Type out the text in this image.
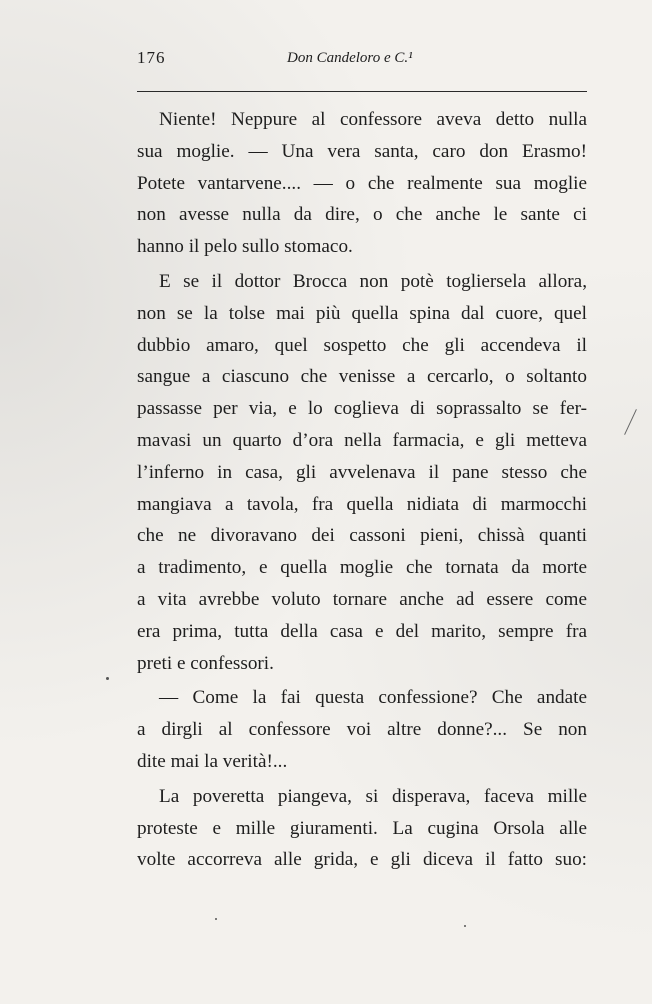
176	Don Candeloro e C.¹
Niente! Neppure al confessore aveva detto nulla
sua moglie. — Una vera santa, caro don Erasmo!
Potete vantarvene.... — o che realmente sua moglie
non avesse nulla da dire, o che anche le sante ci
hanno il pelo sullo stomaco.
E se il dottor Brocca non potè togliersela allora,
non se la tolse mai più quella spina dal cuore, quel
dubbio amaro, quel sospetto che gli accendeva il
sangue a ciascuno che venisse a cercarlo, o soltanto
passasse per via, e lo coglieva di soprassalto se fer-
mavasi un quarto d’ora nella farmacia, e gli metteva
l’inferno in casa, gli avvelenava il pane stesso che
mangiava a tavola, fra quella nidiata di marmocchi
che ne divoravano dei cassoni pieni, chissà quanti
a tradimento, e quella moglie che tornata da morte
a vita avrebbe voluto tornare anche ad essere come
era prima, tutta della casa e del marito, sempre fra
preti e confessori.
— Come la fai questa confessione? Che andate
a dirgli al confessore voi altre donne?... Se non
dite mai la verità!...
La poveretta piangeva, si disperava, faceva mille
proteste e mille giuramenti. La cugina Orsola alle
volte accorreva alle grida, e gli diceva il fatto suo:
